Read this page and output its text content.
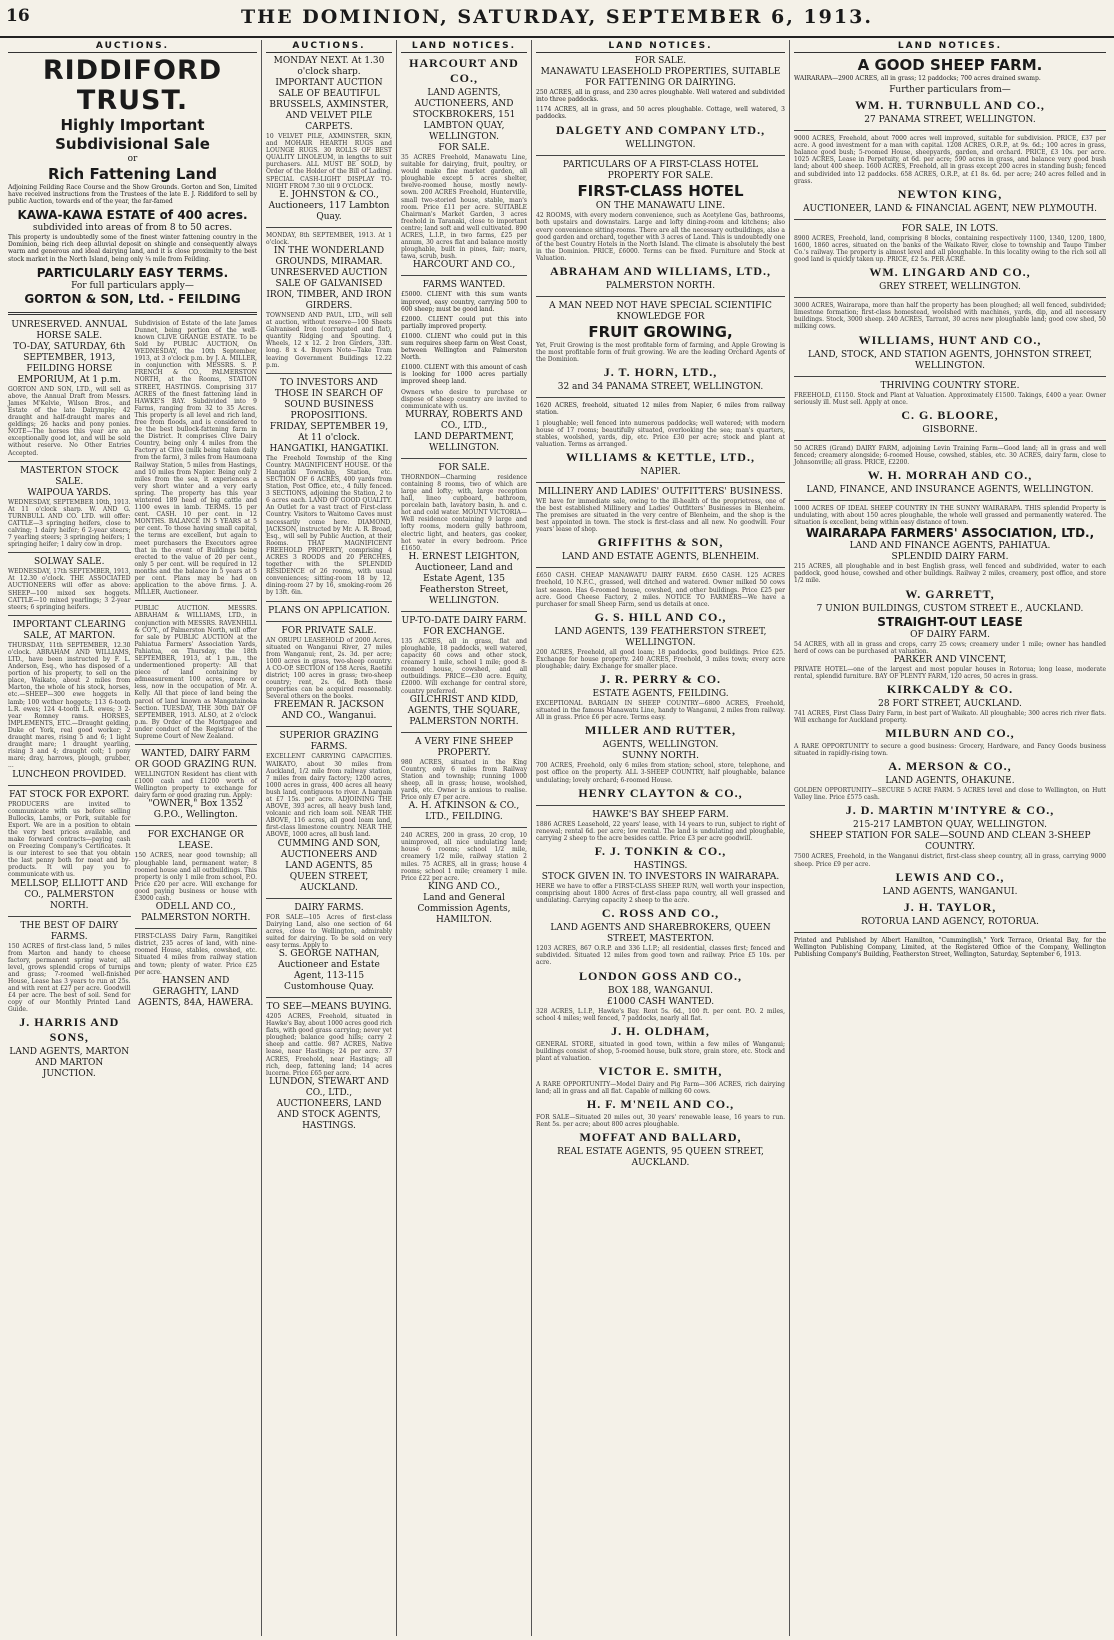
16	THE DOMINION, SATURDAY, SEPTEMBER 6, 1913.
AUCTIONS.
RIDDIFORD TRUST.
Highly Important Subdivisional Sale
or
Rich Fattening Land

Adjoining Feilding Race Course and the Show Grounds. Gorton and Son, Limited have received instructions from the Trustees of the late E. J. Riddiford to sell by public Auction, towards end of the year, the far-famed

KAWA-KAWA ESTATE of 400 acres.
subdivided into areas of from 8 to 50 acres.

This property is undoubtedly some of the finest winter fattening country in the Dominion, being rich deep alluvial deposit on shingle and consequently always warm and generous and ideal dairying land, and it is close proximity to the best stock market in the North Island, being only ¼ mile from Feilding.

PARTICULARLY EASY TERMS.
For full particulars apply—
GORTON & SON, Ltd. - FEILDING
UNRESERVED. ANNUAL HORSE SALE.
TO-DAY, SATURDAY, 6th SEPTEMBER, 1913, FEILDING HORSE EMPORIUM, At 1 p.m.
GORTON AND SON, LTD., will sell as above, the Annual Draft from Messrs. James M'Kelvie, Wilson Bros., and Estate of the late Dalrymple; 42 draught and half-draught mares and geldings; 26 hacks and pony ponies. NOTE—The horses this year are an exceptionally good lot, and will be sold without reserve. No Other Entries Accepted.
MASTERTON STOCK SALE.
WAIPOUA YARDS.
WEDNESDAY, SEPTEMBER 10th, 1913. At 11 o'clock sharp. W. AND G. TURNBULL AND CO. LTD. will offer: CATTLE—3 springing heifers, close to calving; 1 dairy heifer; 6 2-year steers; 7 yearling steers; 3 springing heifers; 1 springing heifer; 1 dairy cow in drop.
SOLWAY SALE.
WEDNESDAY, 17th SEPTEMBER, 1913, At 12.30 o'clock. THE ASSOCIATED AUCTIONEERS will offer as above: SHEEP—100 mixed sex hoggets. CATTLE—10 mixed yearlings; 3 2-year steers; 6 springing heifers.
IMPORTANT CLEARING SALE, AT MARTON.
THURSDAY, 11th SEPTEMBER, 12.30 o'clock. ABRAHAM AND WILLIAMS, LTD., have been instructed by F. L. Anderson, Esq., who has disposed of a portion of his property, to sell on the place, Waikato, about 2 miles from Marton, the whole of his stock, horses, etc.—SHEEP—300 ewe hoggets in lamb; 100 wether hoggets; 113 6-tooth L.R. ewes; 124 4-tooth L.R. ewes; 3 2-year Romney rams. HORSES, IMPLEMENTS, ETC.—Draught gelding, Duke of York, real good worker; 2 draught mares, rising 5 and 6; 1 light draught mare; 1 draught yearling, rising 3 and 4; draught colt; 1 pony mare; dray, harrows, plough, grubber, ...
LUNCHEON PROVIDED.
FAT STOCK FOR EXPORT.
PRODUCERS are invited to communicate with us before selling Bullocks, Lambs, or Pork, suitable for Export. We are in a position to obtain the very best prices available, and make forward contracts—paying cash on Freezing Company's Certificates. It is our interest to see that you obtain the last penny both for meat and by-products. It will pay you to communicate with us.
MELLSOP, ELLIOTT AND CO., PALMERSTON NORTH.
THE BEST OF DAIRY FARMS.
150 ACRES of first-class land, 5 miles from Marton and handy to cheese factory, permanent spring water, all level, grows splendid crops of turnips and grass; 7-roomed well-finished House, Lease has 3 years to run at 25s. and with rent at £27 per acre. Goodwill £4 per acre. The best of soil. Send for copy of our Monthly Printed Land Guide.
J. HARRIS AND SONS,
LAND AGENTS, MARTON AND MARTON JUNCTION.
Subdivision of Estate of the late James Dunnet, being portion of the well-known CLIVE GRANGE ESTATE. To be Sold by PUBLIC AUCTION, On WEDNESDAY, the 10th September, 1913, at 3 o'clock p.m. by J. A. MILLER, in conjunction with MESSRS. S. P. FRENCH & CO., PALMERSTON NORTH, at the Rooms, STATION STREET, HASTINGS. Comprising 317 ACRES of the finest fattening land in HAWKE'S BAY. Subdivided into 9 Farms, ranging from 32 to 35 Acres. This property is all level and rich land, free from floods, and is considered to be the best bullock-fattening farm in the District. It comprises Clive Dairy Country, being only 4 miles from the Factory at Clive (milk being taken daily from the farm), 3 miles from Haumoana Railway Station, 5 miles from Hastings, and 10 miles from Napier. Being only 2 miles from the sea, it experiences a very short winter and a very early spring. The property has this year wintered 189 head of big cattle and 1100 ewes in lamb. TERMS. 15 per cent. CASH. 10 per cent. in 12 MONTHS. BALANCE IN 5 YEARS at 5 per cent. To those having small capital, the terms are excellent, but again to meet purchasers the Executors agree that in the event of Buildings being erected to the value of 20 per cent., only 5 per cent. will be required in 12 months and the balance in 5 years at 5 per cent. Plans may be had on application to the above firms. J. A. MILLER, Auctioneer.
PUBLIC AUCTION. MESSRS. ABRAHAM & WILLIAMS, LTD., in conjunction with MESSRS. RAVENHILL & CO'Y., of Palmerston North, will offer for sale by PUBLIC AUCTION at the Pahiatua Farmers' Association Yards, Pahiatua, on Thursday, the 18th SEPTEMBER, 1913, at 1 p.m., the undermentioned property: All that piece of land containing by admeasurement 100 acres, more or less, now in the occupation of Mr. A. Kelly. All that piece of land being the parcel of land known as Mangatainoka Section. TUESDAY, THE 30th DAY OF SEPTEMBER, 1913. ALSO, at 2 o'clock p.m. By Order of the Mortgagee and under conduct of the Registrar of the Supreme Court of New Zealand.
WANTED, DAIRY FARM OR GOOD GRAZING RUN.
WELLINGTON Resident has client with £1000 cash and £1200 worth of Wellington property to exchange for dairy farm or good grazing run. Apply:
"OWNER," Box 1352 G.P.O., Wellington.
FOR EXCHANGE OR LEASE.
150 ACRES, near good township; all ploughable land, permanent water; 8 roomed house and all outbuildings. This property is only 1 mile from school, P.O. Price £20 per acre. Will exchange for good paying business or house with £3000 cash.
ODELL AND CO., PALMERSTON NORTH.
FIRST-CLASS Dairy Farm, Rangitikei district, 235 acres of land, with nine-roomed House, stables, cowshed, etc. Situated 4 miles from railway station and town; plenty of water. Price £25 per acre.
HANSEN AND GERAGHTY, LAND AGENTS, 84A, HAWERA.
AUCTIONS.
MONDAY NEXT. At 1.30 o'clock sharp.
IMPORTANT AUCTION SALE OF BEAUTIFUL BRUSSELS, AXMINSTER, AND VELVET PILE CARPETS.
10 VELVET PILE, AXMINSTER, SKIN, and MOHAIR HEARTH RUGS and LOUNGE RUGS. 30 ROLLS OF BEST QUALITY LINOLEUM, in lengths to suit purchasers. ALL MUST BE SOLD, by Order of the Holder of the Bill of Lading. SPECIAL CASH-LIGHT DISPLAY TO-NIGHT FROM 7.30 till 9 O'CLOCK.
E. JOHNSTON & CO., Auctioneers, 117 Lambton Quay.
MONDAY, 8th SEPTEMBER, 1913. At 1 o'clock.
IN THE WONDERLAND GROUNDS, MIRAMAR.
UNRESERVED AUCTION SALE OF GALVANISED IRON, TIMBER, AND IRON GIRDERS.
TOWNSEND AND PAUL, LTD., will sell at auction, without reserve—100 Sheets Galvanised Iron (corrugated and flat), quantity Ridging and Spouting. 4 Wheels, 12 x 12. 2 Iron Girders, 33ft. long. 8 x 4. Buyers Note—Take Tram leaving Government Buildings 12.22 p.m.
TO INVESTORS AND THOSE IN SEARCH OF SOUND BUSINESS PROPOSITIONS.
FRIDAY, SEPTEMBER 19, At 11 o'clock.
HANGATIKI, HANGATIKI.
The Freehold Township of the King Country. MAGNIFICENT HOUSE. Of the Hangatiki Township, Station, etc. SECTION OF 6 ACRES, 400 yards from Station, Post Office, etc., 4 fully fenced. 3 SECTIONS, adjoining the Station, 2 to 6 acres each. LAND OF GOOD QUALITY. An Outlet for a vast tract of First-class Country. Visitors to Waitomo Caves must necessarily come here. DIAMOND, JACKSON, instructed by Mr. A. R. Broad, Esq., will sell by Public Auction, at their Rooms. THAT MAGNIFICENT FREEHOLD PROPERTY, comprising 4 ACRES 3 ROODS and 20 PERCHES, together with the SPLENDID RESIDENCE of 26 rooms, with usual conveniences; sitting-room 18 by 12, dining-room 27 by 16, smoking-room 26 by 13ft. 6in.
PLANS ON APPLICATION.
FOR PRIVATE SALE.
AN ORUPU LEASEHOLD of 2000 Acres, situated on Wanganui River, 27 miles from Wanganui; rent, 2s. 3d. per acre; 1000 acres in grass, two-sheep country. A CO-OP. SECTION of 158 Acres, Raetihi district; 100 acres in grass; two-sheep country; rent, 2s. 6d. Both these properties can be acquired reasonably. Several others on the books.
FREEMAN R. JACKSON AND CO., Wanganui.
SUPERIOR GRAZING FARMS.
EXCELLENT CARRYING CAPACITIES. WAIKATO, about 30 miles from Auckland, 1/2 mile from railway station, 7 miles from dairy factory; 1200 acres, 1000 acres in grass, 400 acres all heavy bush land, contiguous to river. A bargain at £7 15s. per acre. ADJOINING THE ABOVE, 393 acres, all heavy bush land, volcanic and rich loam soil. NEAR THE ABOVE, 116 acres, all good loam land, first-class limestone country. NEAR THE ABOVE, 1000 acres, all bush land.
CUMMING AND SON, AUCTIONEERS AND LAND AGENTS, 85 QUEEN STREET, AUCKLAND.
DAIRY FARMS.
FOR SALE—105 Acres of first-class Dairying Land, also one section of 64 acres, close to Wellington, admirably suited for dairying. To be sold on very easy terms. Apply to
S. GEORGE NATHAN,
Auctioneer and Estate Agent, 113-115 Customhouse Quay.
TO SEE—MEANS BUYING.
4205 ACRES, Freehold, situated in Hawke's Bay, about 1000 acres good rich flats, with good grass carrying; never yet ploughed; balance good hills; carry 2 sheep and cattle. 987 ACRES, Native lease, near Hastings; 24 per acre. 37 ACRES, Freehold, near Hastings; all rich, deep, fattening land; 14 acres lucerne. Price £65 per acre.
LUNDON, STEWART AND CO., LTD.,
AUCTIONEERS, LAND AND STOCK AGENTS, HASTINGS.
LAND NOTICES.
HARCOURT AND CO.,
LAND AGENTS, AUCTIONEERS, AND STOCKBROKERS, 151 LAMBTON QUAY, WELLINGTON.
FOR SALE.
35 ACRES Freehold, Manawatu Line, suitable for dairying, fruit, poultry, or would make fine market garden, all ploughable except 5 acres shelter, twelve-roomed house, mostly newly-sown. 200 ACRES Freehold, Hunterville, small two-storied house, stable, man's room. Price £11 per acre. SUITABLE Chairman's Market Garden, 3 acres freehold in Taranaki, close to important centre; land soft and well cultivated. 890 ACRES, L.I.P., in two farms, £25 per annum, 30 acres flat and balance mostly ploughable, built in pines, fair; mare, tawa, scrub, bush.
HARCOURT AND CO.,
FARMS WANTED.
£5000. CLIENT with this sum wants improved, easy country, carrying 500 to 600 sheep; must be good land.
£2000. CLIENT could put this into partially improved property.
£1000. CLIENT who could put in this sum requires sheep farm on West Coast, between Wellington and Palmerston North.
£1000. CLIENT with this amount of cash is looking for 1000 acres partially improved sheep land.
Owners who desire to purchase or dispose of sheep country are invited to communicate with us.
MURRAY, ROBERTS AND CO., LTD.,
LAND DEPARTMENT, WELLINGTON.
FOR SALE.
THORNDON—Charming residence containing 8 rooms, two of which are large and lofty; with, large reception hall, lineo cupboard, bathroom, porcelain bath, lavatory basin, h. and c. hot and cold water. MOUNT VICTORIA—Well residence containing 9 large and lofty rooms, modern gully bathroom, electric light, and heaters, gas cooker, hot water in every bedroom. Price £1650.
H. ERNEST LEIGHTON,
Auctioneer, Land and Estate Agent, 135 Featherston Street, WELLINGTON.
UP-TO-DATE DAIRY FARM.
FOR EXCHANGE.
135 ACRES, all in grass, flat and ploughable, 18 paddocks, well watered, capacity 60 cows and other stock, creamery 1 mile, school 1 mile; good 8-roomed house, cowshed, and all outbuildings. PRICE—£30 acre. Equity, £2000. Will exchange for central store, country preferred.
GILCHRIST AND KIDD,
AGENTS, THE SQUARE, PALMERSTON NORTH.
A VERY FINE SHEEP PROPERTY.
980 ACRES, situated in the King Country, only 6 miles from Railway Station and township; running 1000 sheep, all in grass; house, woolshed, yards, etc. Owner is anxious to realise. Price only £7 per acre.
A. H. ATKINSON & CO., LTD., FEILDING.
240 ACRES, 200 in grass, 20 crop, 10 unimproved, all nice undulating land; house 6 rooms; school 1/2 mile, creamery 1/2 mile, railway station 2 miles. 75 ACRES, all in grass; house 4 rooms; school 1 mile; creamery 1 mile. Price £22 per acre.
KING AND CO.,
Land and General Commission Agents, HAMILTON.
LAND NOTICES.
FOR SALE.
MANAWATU LEASEHOLD PROPERTIES, SUITABLE FOR FATTENING OR DAIRYING.

250 ACRES, all in grass, and 230 acres ploughable. Well watered and subdivided into three paddocks.

1174 ACRES, all in grass, and 50 acres ploughable. Cottage, well watered, 3 paddocks.

DALGETY AND COMPANY LTD.,
WELLINGTON.
PARTICULARS OF A FIRST-CLASS HOTEL PROPERTY FOR SALE.
FIRST-CLASS HOTEL
ON THE MANAWATU LINE.
42 ROOMS, with every modern convenience, such as Acetylene Gas, bathrooms, both upstairs and downstairs. Large and lofty dining-room and kitchens; also every convenience sitting-rooms. There are all the necessary outbuildings, also a good garden and orchard, together with 3 acres of Land. This is undoubtedly one of the best Country Hotels in the North Island. The climate is absolutely the best in the Dominion. PRICE, £6000. Terms can be fixed. Furniture and Stock at Valuation.
ABRAHAM AND WILLIAMS, LTD.,
PALMERSTON NORTH.
A MAN NEED NOT HAVE SPECIAL SCIENTIFIC KNOWLEDGE FOR
FRUIT GROWING,
Yet, Fruit Growing is the most profitable form of farming, and Apple Growing is the most profitable form of fruit growing. We are the leading Orchard Agents of the Dominion.
J. T. HORN, LTD.,
32 and 34 PANAMA STREET, WELLINGTON.

1620 ACRES, freehold, situated 12 miles from Napier, 6 miles from railway station.

1 ploughable; well fenced into numerous paddocks; well watered; with modern house of 17 rooms; beautifully situated, overlooking the sea; man's quarters, stables, woolshed, yards, dip, etc. Price £30 per acre; stock and plant at valuation. Terms as arranged.
WILLIAMS & KETTLE, LTD.,
NAPIER.
MILLINERY AND LADIES' OUTFITTERS' BUSINESS.
WE have for immediate sale, owing to the ill-health of the proprietress, one of the best established Millinery and Ladies' Outfitters' Businesses in Blenheim. The premises are situated in the very centre of Blenheim, and the shop is the best appointed in town. The stock is first-class and all new. No goodwill. Four years' lease of shop.
GRIFFITHS & SON,
LAND AND ESTATE AGENTS, BLENHEIM.
£650 CASH. CHEAP MANAWATU DAIRY FARM. £650 CASH. 125 ACRES freehold, 10 N.F.C., grassed, well ditched and watered. Owner milked 50 cows last season. Has 6-roomed house, cowshed, and other buildings. Price £25 per acre. Good Cheese Factory, 2 miles. NOTICE TO FARMERS—We have a purchaser for small Sheep Farm, send us details at once.
G. S. HILL AND CO.,
LAND AGENTS, 139 FEATHERSTON STREET, WELLINGTON.
200 ACRES, Freehold, all good loam; 18 paddocks, good buildings. Price £25. Exchange for house property. 240 ACRES, Freehold, 3 miles town; every acre ploughable; dairy. Exchange for smaller place.
J. R. PERRY & CO.
ESTATE AGENTS, FEILDING.
EXCEPTIONAL BARGAIN IN SHEEP COUNTRY—6800 ACRES, Freehold, situated in the famous Manawatu Line, handy to Wanganui, 2 miles from railway. All in grass. Price £6 per acre. Terms easy.
MILLER AND RUTTER,
AGENTS, WELLINGTON.
SUNNY NORTH.
700 ACRES, Freehold, only 6 miles from station; school, store, telephone, and post office on the property. ALL 3-SHEEP COUNTRY, half ploughable, balance undulating; lovely orchard; 6-roomed House.
HENRY CLAYTON & CO.,
HAWKE'S BAY SHEEP FARM.
1886 ACRES Leasehold, 22 years' lease, with 14 years to run, subject to right of renewal; rental 6d. per acre; low rental. The land is undulating and ploughable, carrying 2 sheep to the acre besides cattle. Price £3 per acre goodwill.
F. J. TONKIN & CO.,
HASTINGS.
STOCK GIVEN IN. TO INVESTORS IN WAIRARAPA.
HERE we have to offer a FIRST-CLASS SHEEP RUN, well worth your inspection, comprising about 1800 Acres of first-class papa country, all well grassed and undulating. Carrying capacity 2 sheep to the acre.
C. ROSS AND CO.,
LAND AGENTS AND SHAREBROKERS, QUEEN STREET, MASTERTON.
1203 ACRES, 867 O.R.P. and 336 L.I.P.; all residential, classes first; fenced and subdivided. Situated 12 miles from good town and railway. Price £5 10s. per acre.
LONDON GOSS AND CO.,
BOX 188, WANGANUI.
£1000 CASH WANTED.
328 ACRES, L.I.P., Hawke's Bay. Rent 5s. 6d., 100 ft. per cent. P.O. 2 miles, school 4 miles; well fenced, 7 paddocks, nearly all flat.
J. H. OLDHAM,
GENERAL STORE, situated in good town, within a few miles of Wanganui; buildings consist of shop, 5-roomed house, bulk store, grain store, etc. Stock and plant at valuation.
VICTOR E. SMITH,
A RARE OPPORTUNITY—Model Dairy and Pig Farm—306 ACRES, rich dairying land; all in grass and all flat. Capable of milking 60 cows.
H. F. M'NEIL AND CO.,
FOR SALE—Situated 20 miles out, 30 years' renewable lease, 16 years to run. Rent 5s. per acre; about 800 acres ploughable.
MOFFAT AND BALLARD,
REAL ESTATE AGENTS, 95 QUEEN STREET, AUCKLAND.
LAND NOTICES.
A GOOD SHEEP FARM.

WAIRARAPA—2900 ACRES, all in grass; 12 paddocks; 700 acres drained swamp.

Further particulars from—
WM. H. TURNBULL AND CO.,
27 PANAMA STREET, WELLINGTON.
9000 ACRES, Freehold, about 7000 acres well improved, suitable for subdivision. PRICE, £37 per acre. A good investment for a man with capital. 1208 ACRES, O.R.P., at 9s. 6d.; 100 acres in grass, balance good bush; 5-roomed House, sheepyards, garden, and orchard. PRICE, £3 10s. per acre. 1025 ACRES, Lease in Perpetuity, at 6d. per acre; 590 acres in grass, and balance very good bush land; about 400 sheep. 1600 ACRES, Freehold, all in grass except 200 acres in standing bush; fenced and subdivided into 12 paddocks. 658 ACRES, O.R.P., at £1 8s. 6d. per acre; 240 acres felled and in grass.
NEWTON KING,
AUCTIONEER, LAND & FINANCIAL AGENT, NEW PLYMOUTH.
FOR SALE, IN LOTS.
8900 ACRES, Freehold, land, comprising 8 blocks, containing respectively 1100, 1340, 1200, 1800, 1600, 1860 acres, situated on the banks of the Waikato River, close to township and Taupo Timber Co.'s railway. The property is almost level and all ploughable. In this locality owing to the rich soil all good land is quickly taken up. PRICE, £2 5s. PER ACRE.
WM. LINGARD AND CO.,
GREY STREET, WELLINGTON.
3000 ACRES, Wairarapa, more than half the property has been ploughed; all well fenced, subdivided; limestone formation; first-class homestead, woolshed with machines, yards, dip, and all necessary buildings. Stock, 3000 sheep. 240 ACRES, Tarrant, 30 acres new ploughable land; good cow shed, 50 milking cows.
WILLIAMS, HUNT AND CO.,
LAND, STOCK, AND STATION AGENTS, JOHNSTON STREET, WELLINGTON.
THRIVING COUNTRY STORE.
FREEHOLD, £1150. Stock and Plant at Valuation. Approximately £1500. Takings, £400 a year. Owner seriously ill. Must sell. Apply at once.
C. G. BLOORE,
GISBORNE.
50 ACRES (Grand) DAIRY FARM, adjoining Levin Training Farm—Good land; all in grass and well fenced; creamery alongside; 6-roomed House, cowshed, stables, etc. 30 ACRES, dairy farm, close to Johnsonville; all grass. PRICE, £2200.
W. H. MORRAH AND CO.,
LAND, FINANCE, AND INSURANCE AGENTS, WELLINGTON.
1000 ACRES OF IDEAL SHEEP COUNTRY IN THE SUNNY WAIRARAPA. THIS splendid Property is undulating, with about 150 acres ploughable, the whole well grassed and permanently watered. The situation is excellent, being within easy distance of town.
WAIRARAPA FARMERS' ASSOCIATION, LTD.,
LAND AND FINANCE AGENTS, PAHIATUA.
SPLENDID DAIRY FARM.
215 ACRES, all ploughable and in best English grass, well fenced and subdivided, water to each paddock, good house, cowshed and other buildings. Railway 2 miles, creamery, post office, and store 1/2 mile.
W. GARRETT,
7 UNION BUILDINGS, CUSTOM STREET E., AUCKLAND.
STRAIGHT-OUT LEASE
OF DAIRY FARM.
54 ACRES, with all in grass and crops, carry 25 cows; creamery under 1 mile; owner has handled herd of cows can be purchased at valuation.
PARKER AND VINCENT,
PRIVATE HOTEL—one of the largest and most popular houses in Rotorua; long lease, moderate rental, splendid furniture. BAY OF PLENTY FARM, 120 acres, 50 acres in grass.
KIRKCALDY & CO.
28 FORT STREET, AUCKLAND.
741 ACRES, First Class Dairy Farm, in best part of Waikato. All ploughable; 300 acres rich river flats. Will exchange for Auckland property.
MILBURN AND CO.,
A RARE OPPORTUNITY to secure a good business: Grocery, Hardware, and Fancy Goods business situated in rapidly-rising town.
A. MERSON & CO.,
LAND AGENTS, OHAKUNE.
GOLDEN OPPORTUNITY—SECURE 5 ACRE FARM. 5 ACRES level and close to Wellington, on Hutt Valley line. Price £575 cash.
J. D. MARTIN M'INTYRE & CO.,
215-217 LAMBTON QUAY, WELLINGTON.
SHEEP STATION FOR SALE—SOUND AND CLEAN 3-SHEEP COUNTRY.
7500 ACRES, Freehold, in the Wanganui district, first-class sheep country, all in grass, carrying 9000 sheep. Price £9 per acre.
LEWIS AND CO.,
LAND AGENTS, WANGANUI.
J. H. TAYLOR,
ROTORUA LAND AGENCY, ROTORUA.
Printed and Published by Albert Hamilton, "Cumminglish," York Terrace, Oriental Bay, for the Wellington Publishing Company, Limited, at the Registered Office of the Company, Wellington Publishing Company's Building, Featherston Street, Wellington, Saturday, September 6, 1913.
